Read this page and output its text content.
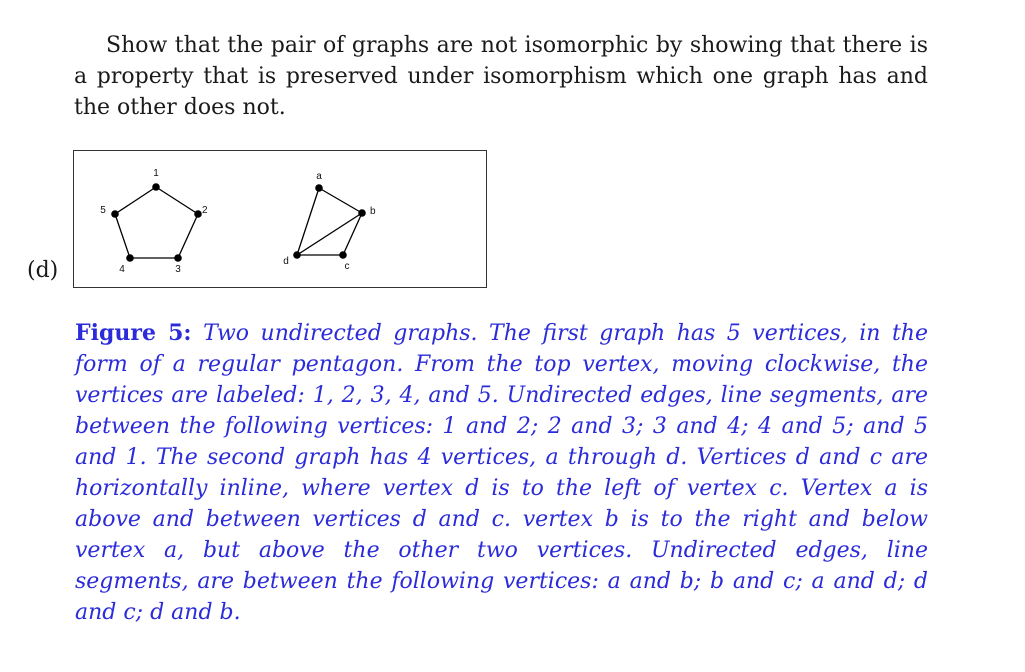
Show that the pair of graphs are not isomorphic by showing that there is a property that is preserved under isomorphism which one graph has and the other does not.

(d)
1
2
3
4
5
a
b
c
d

Figure 5: Two undirected graphs. The first graph has 5 vertices, in the form of a regular pentagon. From the top vertex, moving clockwise, the vertices are labeled: 1, 2, 3, 4, and 5. Undirected edges, line segments, are between the following vertices: 1 and 2; 2 and 3; 3 and 4; 4 and 5; and 5 and 1. The second graph has 4 vertices, a through d. Vertices d and c are horizontally inline, where vertex d is to the left of vertex c. Vertex a is above and between vertices d and c. vertex b is to the right and below vertex a, but above the other two vertices. Undirected edges, line segments, are between the following vertices: a and b; b and c; a and d; d and c; d and b.
